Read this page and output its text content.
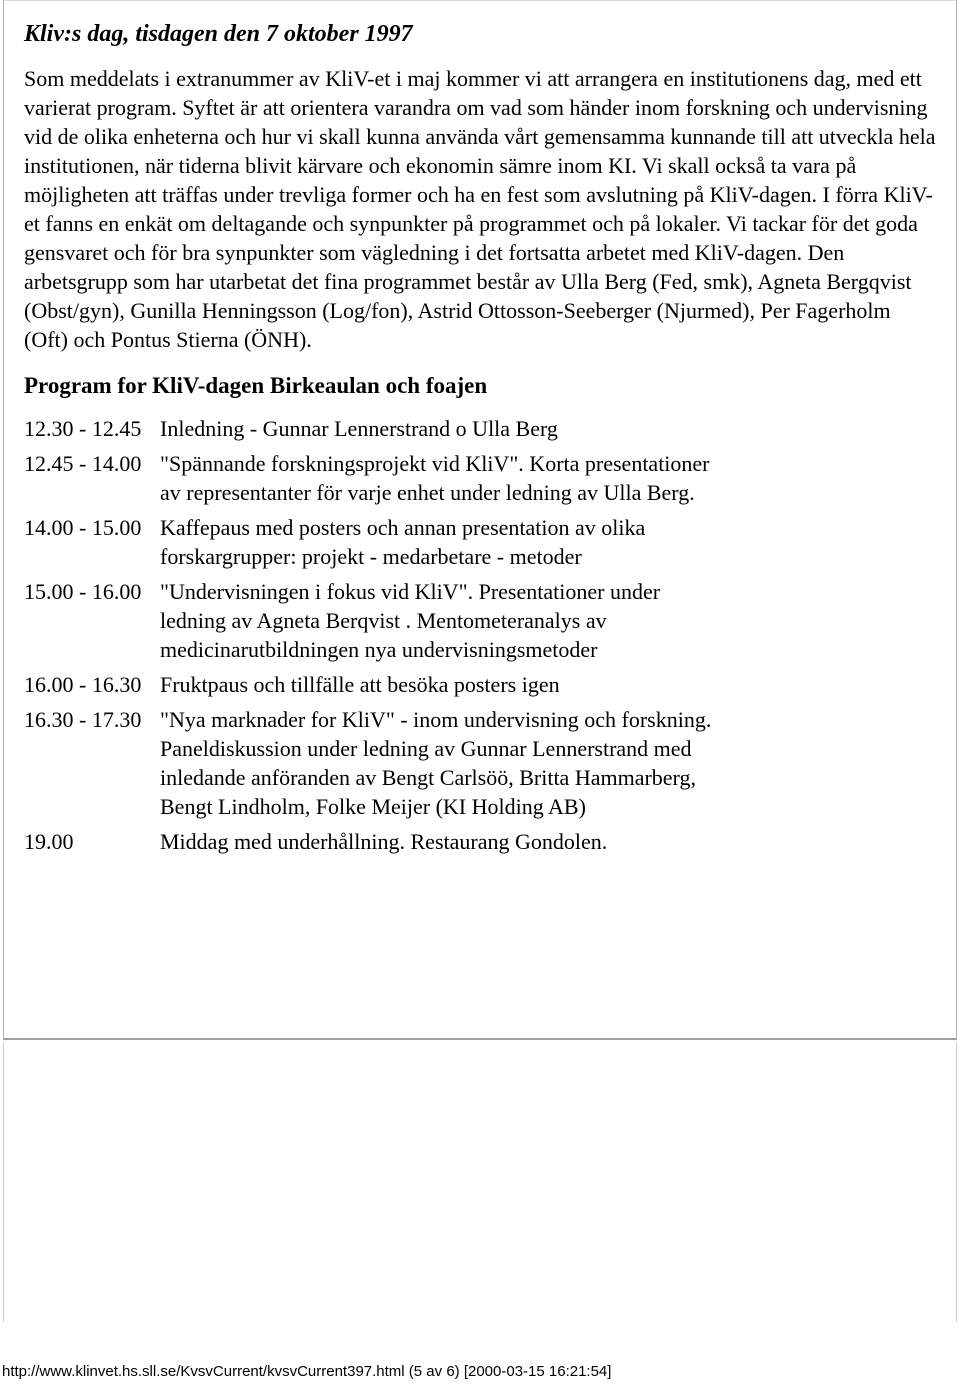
Kliv:s dag, tisdagen den 7 oktober 1997

Som meddelats i extranummer av KliV-et i maj kommer vi att arrangera en institutionens dag, med ett varierat program. Syftet är att orientera varandra om vad som händer inom forskning och undervisning vid de olika enheterna och hur vi skall kunna använda vårt gemensamma kunnande till att utveckla hela institutionen, när tiderna blivit kärvare och ekonomin sämre inom KI. Vi skall också ta vara på möjligheten att träffas under trevliga former och ha en fest som avslutning på KliV-dagen. I förra KliV-et fanns en enkät om deltagande och synpunkter på programmet och på lokaler. Vi tackar för det goda gensvaret och för bra synpunkter som vägledning i det fortsatta arbetet med KliV-dagen. Den arbetsgrupp som har utarbetat det fina programmet består av Ulla Berg (Fed, smk), Agneta Bergqvist (Obst/gyn), Gunilla Henningsson (Log/fon), Astrid Ottosson-Seeberger (Njurmed), Per Fagerholm (Oft) och Pontus Stierna (ÖNH).

Program for KliV-dagen Birkeaulan och foajen
12.30 - 12.45	Inledning - Gunnar Lennerstrand o Ulla Berg
12.45 - 14.00	"Spännande forskningsprojekt vid KliV". Korta presentationer av representanter för varje enhet under ledning av Ulla Berg.
14.00 - 15.00	Kaffepaus med posters och annan presentation av olika forskargrupper: projekt - medarbetare - metoder
15.00 - 16.00	"Undervisningen i fokus vid KliV". Presentationer under ledning av Agneta Berqvist . Mentometeranalys av medicinarutbildningen nya undervisningsmetoder
16.00 - 16.30	Fruktpaus och tillfälle att besöka posters igen
16.30 - 17.30	"Nya marknader for KliV" - inom undervisning och forskning. Paneldiskussion under ledning av Gunnar Lennerstrand med inledande anföranden av Bengt Carlsöö, Britta Hammarberg, Bengt Lindholm, Folke Meijer (KI Holding AB)
19.00	Middag med underhållning. Restaurang Gondolen.
http://www.klinvet.hs.sll.se/KvsvCurrent/kvsvCurrent397.html (5 av 6) [2000-03-15 16:21:54]
